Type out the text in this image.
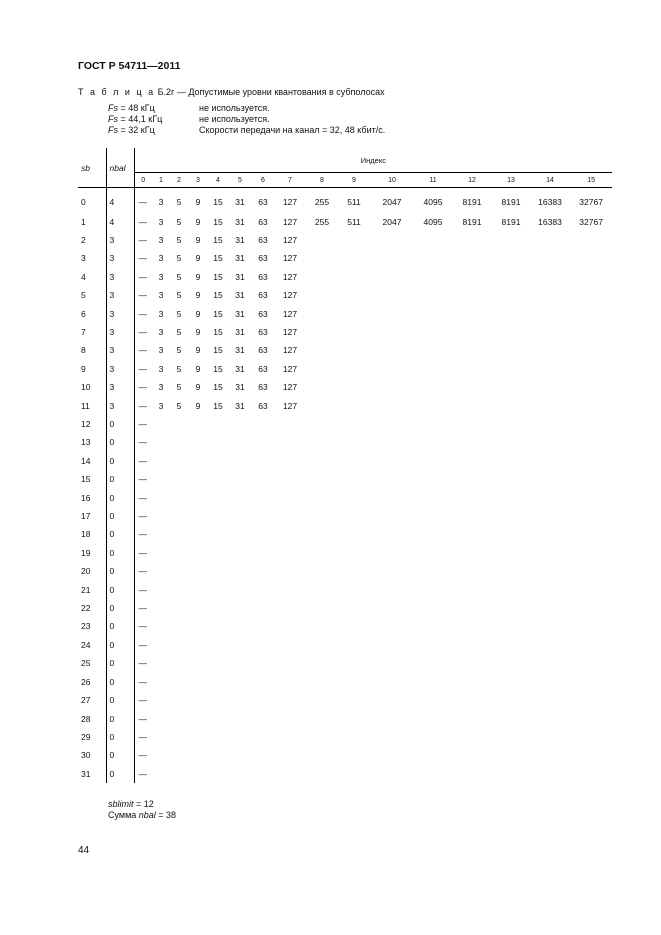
ГОСТ Р 54711—2011
Т а б л и ц а Б.2г — Допустимые уровни квантования в субполосах
Fs = 48 кГц	не используется.
Fs = 44,1 кГц	не используется.
Fs = 32 кГц	Скорости передачи на канал = 32, 48 кбит/с.
sb	nbal	Индекс															
		0	1	2	3	4	5	6	7	8	9	10	11	12	13	14	15
0	4	—	3	5	9	15	31	63	127	255	511	2047	4095	8191	8191	16383	32767
1	4	—	3	5	9	15	31	63	127	255	511	2047	4095	8191	8191	16383	32767
2	3	—	3	5	9	15	31	63	127								
3	3	—	3	5	9	15	31	63	127								
4	3	—	3	5	9	15	31	63	127								
5	3	—	3	5	9	15	31	63	127								
6	3	—	3	5	9	15	31	63	127								
7	3	—	3	5	9	15	31	63	127								
8	3	—	3	5	9	15	31	63	127								
9	3	—	3	5	9	15	31	63	127								
10	3	—	3	5	9	15	31	63	127								
11	3	—	3	5	9	15	31	63	127								
12	0	—															
13	0	—															
14	0	—															
15	0	—															
16	0	—															
17	0	—															
18	0	—															
19	0	—															
20	0	—															
21	0	—															
22	0	—															
23	0	—															
24	0	—															
25	0	—															
26	0	—															
27	0	—															
28	0	—															
29	0	—															
30	0	—															
31	0	—															
sblimit = 12
Сумма nbal = 38
44
